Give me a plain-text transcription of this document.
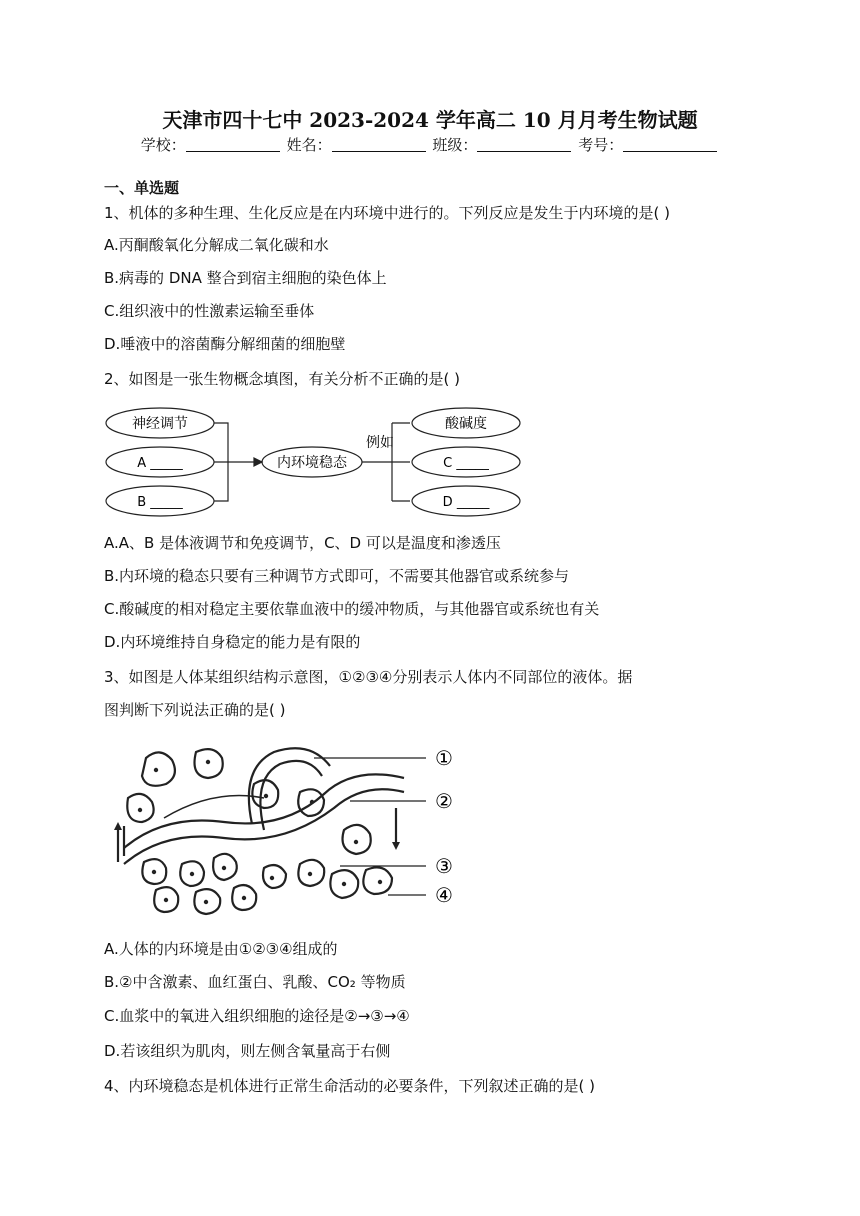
天津市四十七中 2023-2024 学年高二 10 月月考生物试题
学校：	姓名：	班级：	考号：
一、单选题
1、机体的多种生理、生化反应是在内环境中进行的。下列反应是发生于内环境的是( )
A.丙酮酸氧化分解成二氧化碳和水
B.病毒的 DNA 整合到宿主细胞的染色体上
C.组织液中的性激素运输至垂体
D.唾液中的溶菌酶分解细菌的细胞壁
2、如图是一张生物概念填图，有关分析不正确的是( )
神经调节
A _____
B _____
内环境稳态
例如
酸碱度
C _____
D _____
A.A、B 是体液调节和免疫调节，C、D 可以是温度和渗透压
B.内环境的稳态只要有三种调节方式即可，不需要其他器官或系统参与
C.酸碱度的相对稳定主要依靠血液中的缓冲物质，与其他器官或系统也有关
D.内环境维持自身稳定的能力是有限的
3、如图是人体某组织结构示意图，①②③④分别表示人体内不同部位的液体。据
图判断下列说法正确的是( )
①
②
③
④
A.人体的内环境是由①②③④组成的
B.②中含激素、血红蛋白、乳酸、CO₂ 等物质
C.血浆中的氧进入组织细胞的途径是②→③→④
D.若该组织为肌肉，则左侧含氧量高于右侧
4、内环境稳态是机体进行正常生命活动的必要条件，下列叙述正确的是( )
